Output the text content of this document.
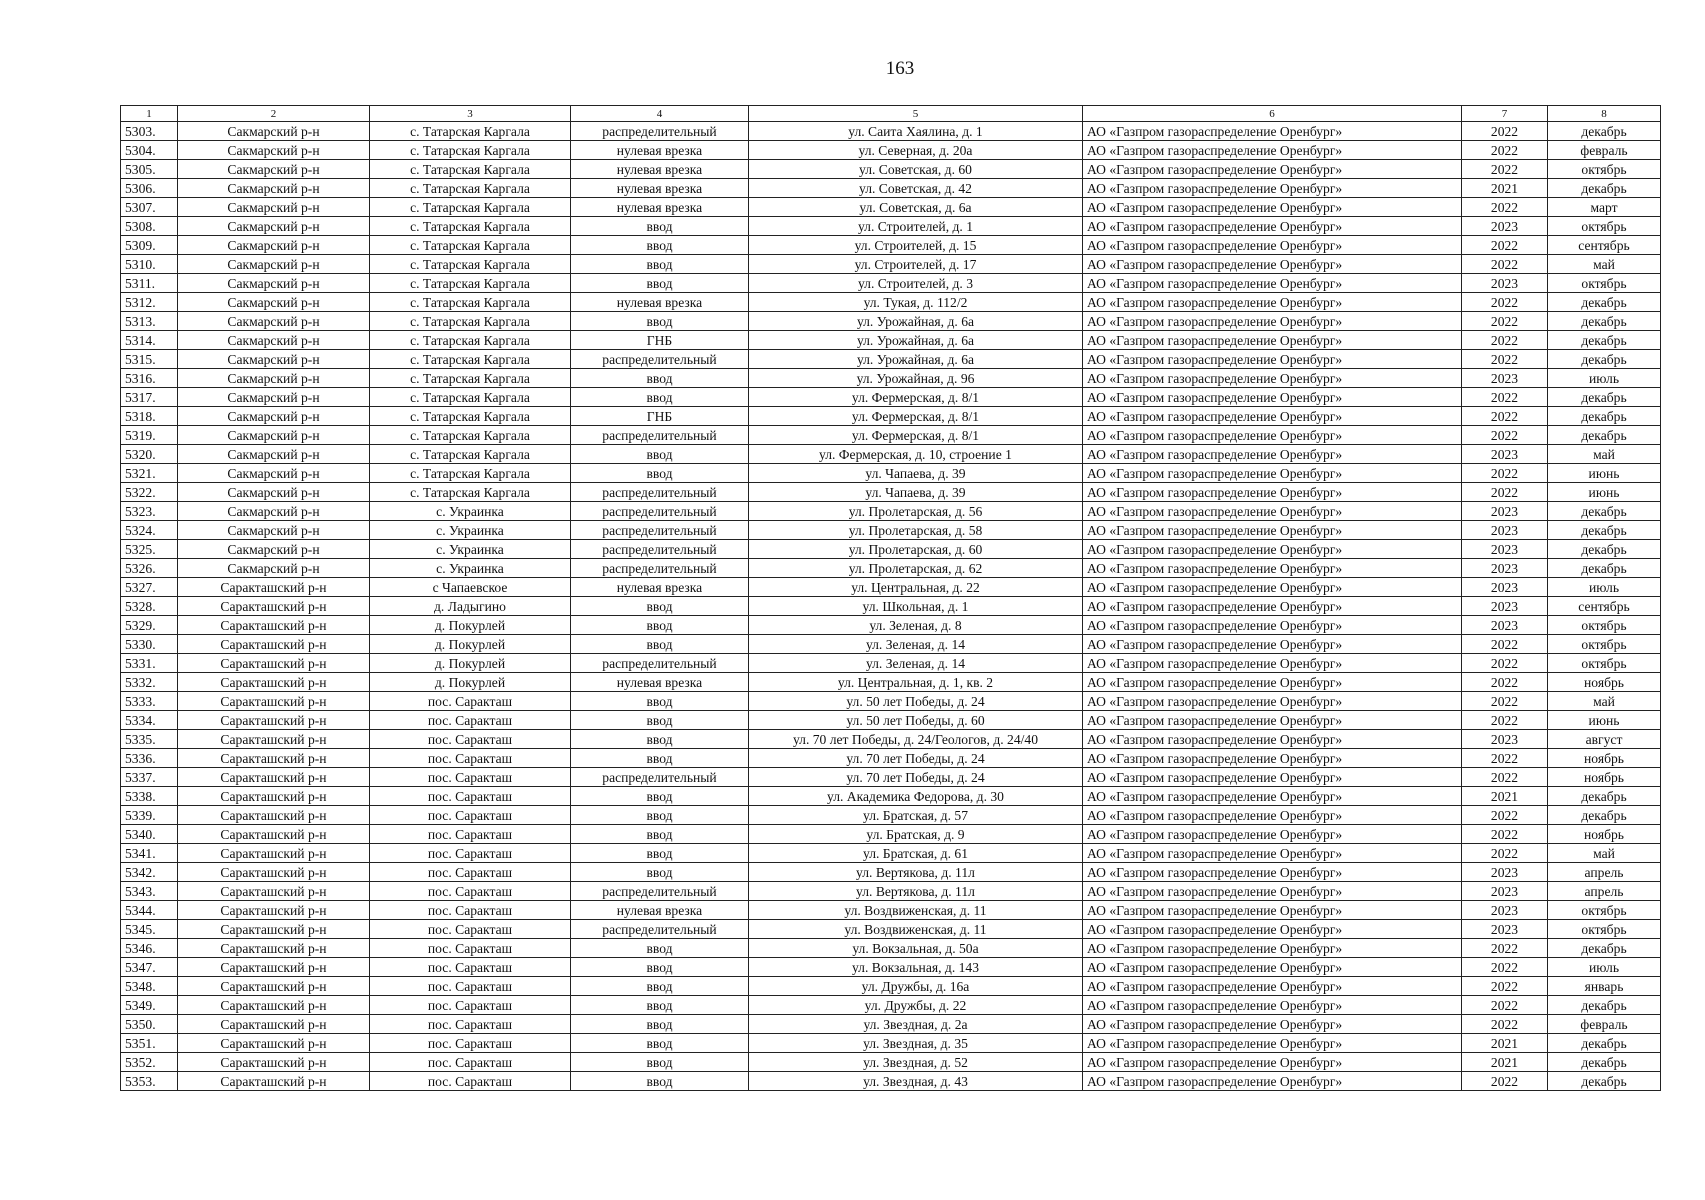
163
1	2	3	4	5	6	7	8
5303.	Сакмарский р-н	с. Татарская Каргала	распределительный	ул. Саита Хаялина, д. 1	АО «Газпром газораспределение Оренбург»	2022	декабрь
5304.	Сакмарский р-н	с. Татарская Каргала	нулевая врезка	ул. Северная, д. 20а	АО «Газпром газораспределение Оренбург»	2022	февраль
5305.	Сакмарский р-н	с. Татарская Каргала	нулевая врезка	ул. Советская, д. 60	АО «Газпром газораспределение Оренбург»	2022	октябрь
5306.	Сакмарский р-н	с. Татарская Каргала	нулевая врезка	ул. Советская, д. 42	АО «Газпром газораспределение Оренбург»	2021	декабрь
5307.	Сакмарский р-н	с. Татарская Каргала	нулевая врезка	ул. Советская, д. 6а	АО «Газпром газораспределение Оренбург»	2022	март
5308.	Сакмарский р-н	с. Татарская Каргала	ввод	ул. Строителей, д. 1	АО «Газпром газораспределение Оренбург»	2023	октябрь
5309.	Сакмарский р-н	с. Татарская Каргала	ввод	ул. Строителей, д. 15	АО «Газпром газораспределение Оренбург»	2022	сентябрь
5310.	Сакмарский р-н	с. Татарская Каргала	ввод	ул. Строителей, д. 17	АО «Газпром газораспределение Оренбург»	2022	май
5311.	Сакмарский р-н	с. Татарская Каргала	ввод	ул. Строителей, д. 3	АО «Газпром газораспределение Оренбург»	2023	октябрь
5312.	Сакмарский р-н	с. Татарская Каргала	нулевая врезка	ул. Тукая, д. 112/2	АО «Газпром газораспределение Оренбург»	2022	декабрь
5313.	Сакмарский р-н	с. Татарская Каргала	ввод	ул. Урожайная, д. 6а	АО «Газпром газораспределение Оренбург»	2022	декабрь
5314.	Сакмарский р-н	с. Татарская Каргала	ГНБ	ул. Урожайная, д. 6а	АО «Газпром газораспределение Оренбург»	2022	декабрь
5315.	Сакмарский р-н	с. Татарская Каргала	распределительный	ул. Урожайная, д. 6а	АО «Газпром газораспределение Оренбург»	2022	декабрь
5316.	Сакмарский р-н	с. Татарская Каргала	ввод	ул. Урожайная, д. 96	АО «Газпром газораспределение Оренбург»	2023	июль
5317.	Сакмарский р-н	с. Татарская Каргала	ввод	ул. Фермерская, д. 8/1	АО «Газпром газораспределение Оренбург»	2022	декабрь
5318.	Сакмарский р-н	с. Татарская Каргала	ГНБ	ул. Фермерская, д. 8/1	АО «Газпром газораспределение Оренбург»	2022	декабрь
5319.	Сакмарский р-н	с. Татарская Каргала	распределительный	ул. Фермерская, д. 8/1	АО «Газпром газораспределение Оренбург»	2022	декабрь
5320.	Сакмарский р-н	с. Татарская Каргала	ввод	ул. Фермерская, д. 10, строение 1	АО «Газпром газораспределение Оренбург»	2023	май
5321.	Сакмарский р-н	с. Татарская Каргала	ввод	ул. Чапаева, д. 39	АО «Газпром газораспределение Оренбург»	2022	июнь
5322.	Сакмарский р-н	с. Татарская Каргала	распределительный	ул. Чапаева, д. 39	АО «Газпром газораспределение Оренбург»	2022	июнь
5323.	Сакмарский р-н	с. Украинка	распределительный	ул. Пролетарская, д. 56	АО «Газпром газораспределение Оренбург»	2023	декабрь
5324.	Сакмарский р-н	с. Украинка	распределительный	ул. Пролетарская, д. 58	АО «Газпром газораспределение Оренбург»	2023	декабрь
5325.	Сакмарский р-н	с. Украинка	распределительный	ул. Пролетарская, д. 60	АО «Газпром газораспределение Оренбург»	2023	декабрь
5326.	Сакмарский р-н	с. Украинка	распределительный	ул. Пролетарская, д. 62	АО «Газпром газораспределение Оренбург»	2023	декабрь
5327.	Саракташский р-н	с Чапаевское	нулевая врезка	ул. Центральная, д. 22	АО «Газпром газораспределение Оренбург»	2023	июль
5328.	Саракташский р-н	д. Ладыгино	ввод	ул. Школьная, д. 1	АО «Газпром газораспределение Оренбург»	2023	сентябрь
5329.	Саракташский р-н	д. Покурлей	ввод	ул. Зеленая, д. 8	АО «Газпром газораспределение Оренбург»	2023	октябрь
5330.	Саракташский р-н	д. Покурлей	ввод	ул. Зеленая, д. 14	АО «Газпром газораспределение Оренбург»	2022	октябрь
5331.	Саракташский р-н	д. Покурлей	распределительный	ул. Зеленая, д. 14	АО «Газпром газораспределение Оренбург»	2022	октябрь
5332.	Саракташский р-н	д. Покурлей	нулевая врезка	ул. Центральная, д. 1, кв. 2	АО «Газпром газораспределение Оренбург»	2022	ноябрь
5333.	Саракташский р-н	пос. Саракташ	ввод	ул. 50 лет Победы, д. 24	АО «Газпром газораспределение Оренбург»	2022	май
5334.	Саракташский р-н	пос. Саракташ	ввод	ул. 50 лет Победы, д. 60	АО «Газпром газораспределение Оренбург»	2022	июнь
5335.	Саракташский р-н	пос. Саракташ	ввод	ул. 70 лет Победы, д. 24/Геологов, д. 24/40	АО «Газпром газораспределение Оренбург»	2023	август
5336.	Саракташский р-н	пос. Саракташ	ввод	ул. 70 лет Победы, д. 24	АО «Газпром газораспределение Оренбург»	2022	ноябрь
5337.	Саракташский р-н	пос. Саракташ	распределительный	ул. 70 лет Победы, д. 24	АО «Газпром газораспределение Оренбург»	2022	ноябрь
5338.	Саракташский р-н	пос. Саракташ	ввод	ул. Академика Федорова, д. 30	АО «Газпром газораспределение Оренбург»	2021	декабрь
5339.	Саракташский р-н	пос. Саракташ	ввод	ул. Братская, д. 57	АО «Газпром газораспределение Оренбург»	2022	декабрь
5340.	Саракташский р-н	пос. Саракташ	ввод	ул. Братская, д. 9	АО «Газпром газораспределение Оренбург»	2022	ноябрь
5341.	Саракташский р-н	пос. Саракташ	ввод	ул. Братская, д. 61	АО «Газпром газораспределение Оренбург»	2022	май
5342.	Саракташский р-н	пос. Саракташ	ввод	ул. Вертякова, д. 11л	АО «Газпром газораспределение Оренбург»	2023	апрель
5343.	Саракташский р-н	пос. Саракташ	распределительный	ул. Вертякова, д. 11л	АО «Газпром газораспределение Оренбург»	2023	апрель
5344.	Саракташский р-н	пос. Саракташ	нулевая врезка	ул. Воздвиженская, д. 11	АО «Газпром газораспределение Оренбург»	2023	октябрь
5345.	Саракташский р-н	пос. Саракташ	распределительный	ул. Воздвиженская, д. 11	АО «Газпром газораспределение Оренбург»	2023	октябрь
5346.	Саракташский р-н	пос. Саракташ	ввод	ул. Вокзальная, д. 50а	АО «Газпром газораспределение Оренбург»	2022	декабрь
5347.	Саракташский р-н	пос. Саракташ	ввод	ул. Вокзальная, д. 143	АО «Газпром газораспределение Оренбург»	2022	июль
5348.	Саракташский р-н	пос. Саракташ	ввод	ул. Дружбы, д. 16а	АО «Газпром газораспределение Оренбург»	2022	январь
5349.	Саракташский р-н	пос. Саракташ	ввод	ул. Дружбы, д. 22	АО «Газпром газораспределение Оренбург»	2022	декабрь
5350.	Саракташский р-н	пос. Саракташ	ввод	ул. Звездная, д. 2а	АО «Газпром газораспределение Оренбург»	2022	февраль
5351.	Саракташский р-н	пос. Саракташ	ввод	ул. Звездная, д. 35	АО «Газпром газораспределение Оренбург»	2021	декабрь
5352.	Саракташский р-н	пос. Саракташ	ввод	ул. Звездная, д. 52	АО «Газпром газораспределение Оренбург»	2021	декабрь
5353.	Саракташский р-н	пос. Саракташ	ввод	ул. Звездная, д. 43	АО «Газпром газораспределение Оренбург»	2022	декабрь
